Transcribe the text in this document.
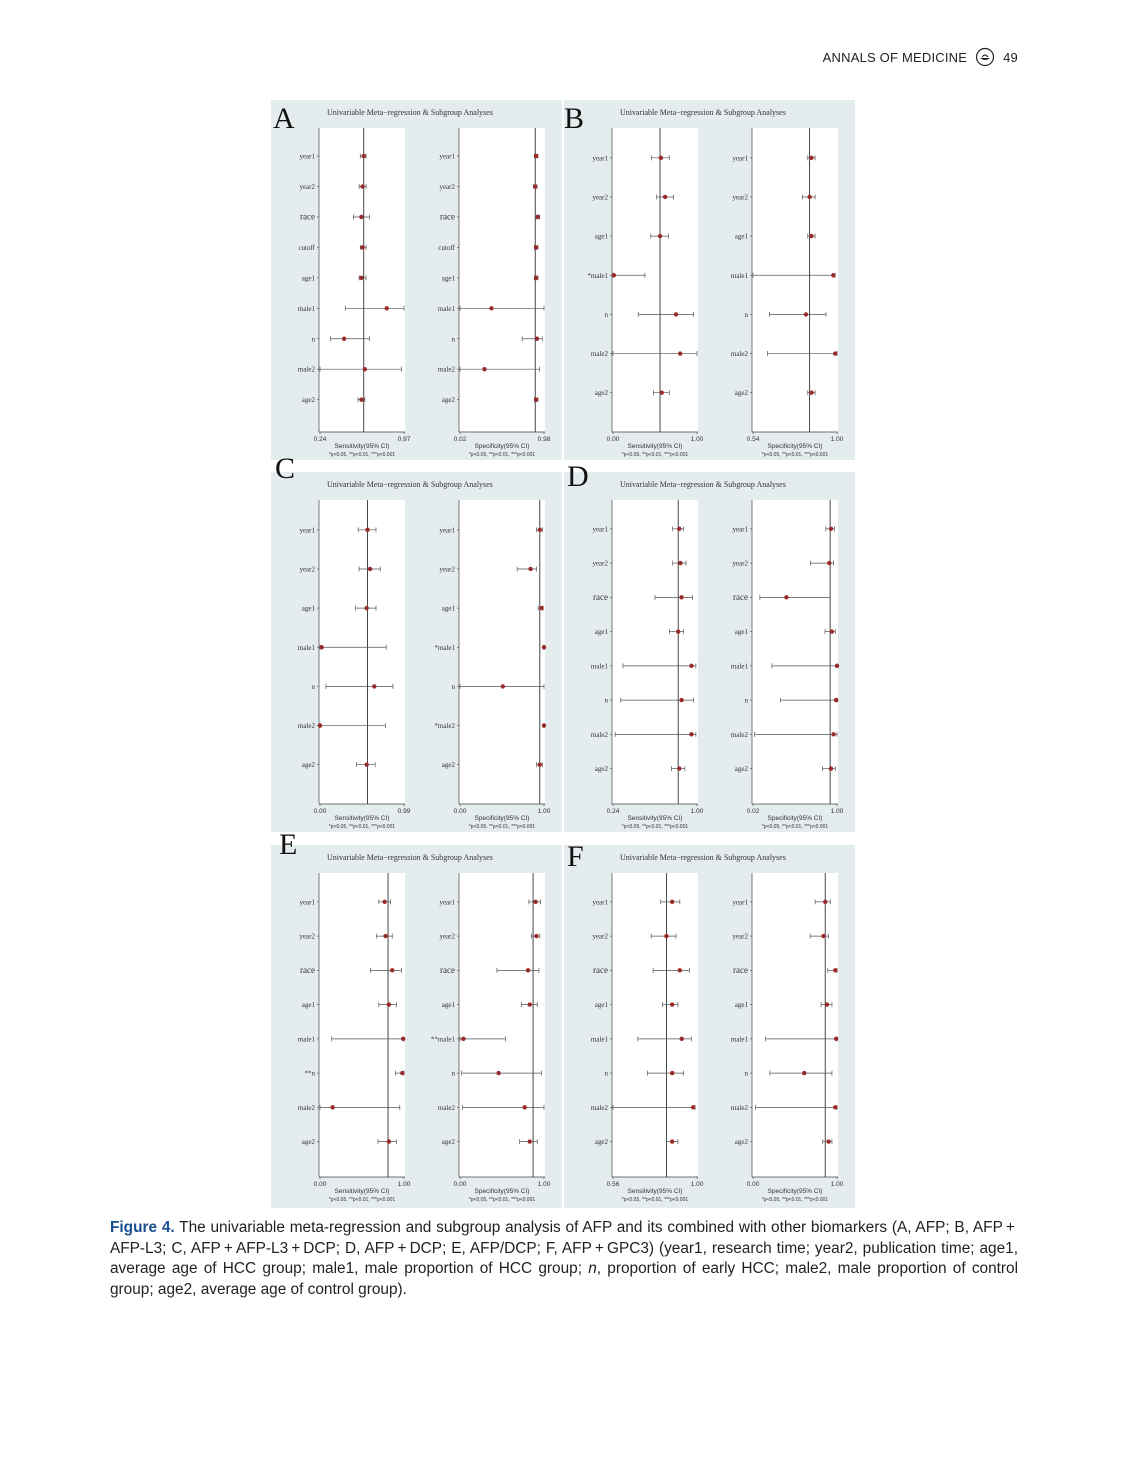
ANNALS OF MEDICINE	49
A	Univariable Meta−regression & Subgroup Analyses
year1
year2
race
cutoff
age1
male1
n
male2
age2
0.24	0.97
Sensitivity(95% CI)
*p<0.05, **p<0.01, ***p<0.001
year1
year2
race
cutoff
age1
male1
n
male2
age2
0.02	0.98
Specificity(95% CI)
*p<0.05, **p<0.01, ***p<0.001
B	Univariable Meta−regression & Subgroup Analyses
year1
year2
age1
*male1
n
male2
age2
0.00	1.00
Sensitivity(95% CI)
*p<0.05, **p<0.01, ***p<0.001
year1
year2
age1
male1
n
male2
age2
0.54	1.00
Specificity(95% CI)
*p<0.05, **p<0.01, ***p<0.001
C	Univariable Meta−regression & Subgroup Analyses
year1
year2
age1
male1
n
male2
age2
0.00	0.99
Sensitivity(95% CI)
*p<0.05, **p<0.01, ***p<0.001
year1
year2
age1
*male1
n
*male2
age2
0.00	1.00
Specificity(95% CI)
*p<0.05, **p<0.01, ***p<0.001
D	Univariable Meta−regression & Subgroup Analyses
year1
year2
race
age1
male1
n
male2
age2
0.24	1.00
Sensitivity(95% CI)
*p<0.05, **p<0.01, ***p<0.001
year1
year2
race
age1
male1
n
male2
age2
0.02	1.00
Specificity(95% CI)
*p<0.05, **p<0.01, ***p<0.001
E	Univariable Meta−regression & Subgroup Analyses
year1
year2
race
age1
male1
**n
male2
age2
0.00	1.00
Sensitivity(95% CI)
*p<0.05, **p<0.01, ***p<0.001
year1
year2
race
age1
**male1
n
male2
age2
0.00	1.00
Specificity(95% CI)
*p<0.05, **p<0.01, ***p<0.001
F	Univariable Meta−regression & Subgroup Analyses
year1
year2
race
age1
male1
n
male2
age2
0.56	1.00
Sensitivity(95% CI)
*p<0.05, **p<0.01, ***p<0.001
year1
year2
race
age1
male1
n
male2
age2
0.00	1.00
Specificity(95% CI)
*p<0.05, **p<0.01, ***p<0.001
Figure 4. The univariable meta-regression and subgroup analysis of AFP and its combined with other biomarkers (A, AFP; B, AFP + AFP-L3; C, AFP + AFP-L3 + DCP; D, AFP + DCP; E, AFP/DCP; F, AFP + GPC3) (year1, research time; year2, publication time; age1, average age of HCC group; male1, male proportion of HCC group; n, proportion of early HCC; male2, male proportion of control group; age2, average age of control group).
